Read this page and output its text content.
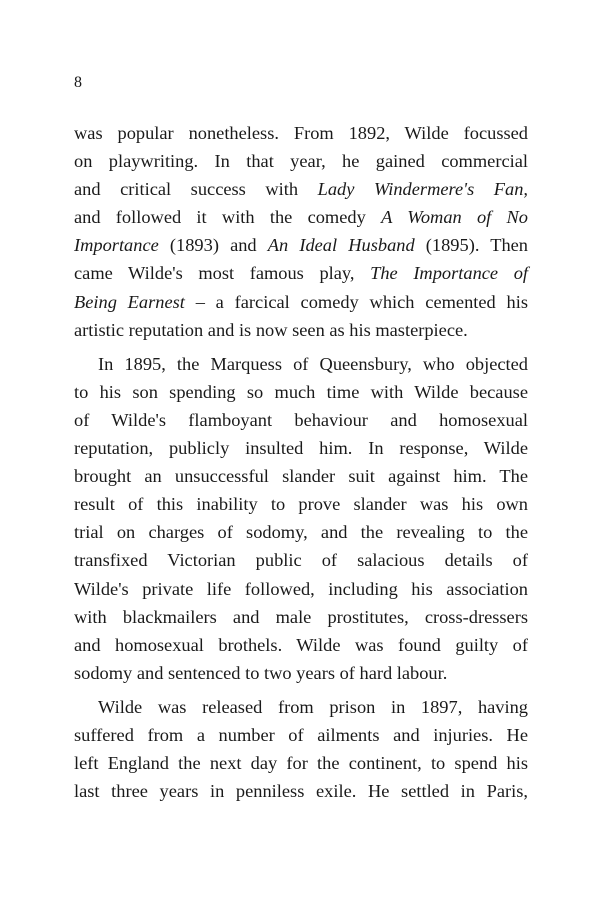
8
was popular nonetheless. From 1892, Wilde focussed
on playwriting. In that year, he gained commercial
and critical success with Lady Windermere's Fan,
and followed it with the comedy A Woman of No
Importance (1893) and An Ideal Husband (1895). Then
came Wilde's most famous play, The Importance of
Being Earnest – a farcical comedy which cemented his
artistic reputation and is now seen as his masterpiece.
In 1895, the Marquess of Queensbury, who objected
to his son spending so much time with Wilde because
of Wilde's flamboyant behaviour and homosexual
reputation, publicly insulted him. In response, Wilde
brought an unsuccessful slander suit against him. The
result of this inability to prove slander was his own
trial on charges of sodomy, and the revealing to the
transfixed Victorian public of salacious details of
Wilde's private life followed, including his association
with blackmailers and male prostitutes, cross-dressers
and homosexual brothels. Wilde was found guilty of
sodomy and sentenced to two years of hard labour.
Wilde was released from prison in 1897, having
suffered from a number of ailments and injuries. He
left England the next day for the continent, to spend his
last three years in penniless exile. He settled in Paris,
